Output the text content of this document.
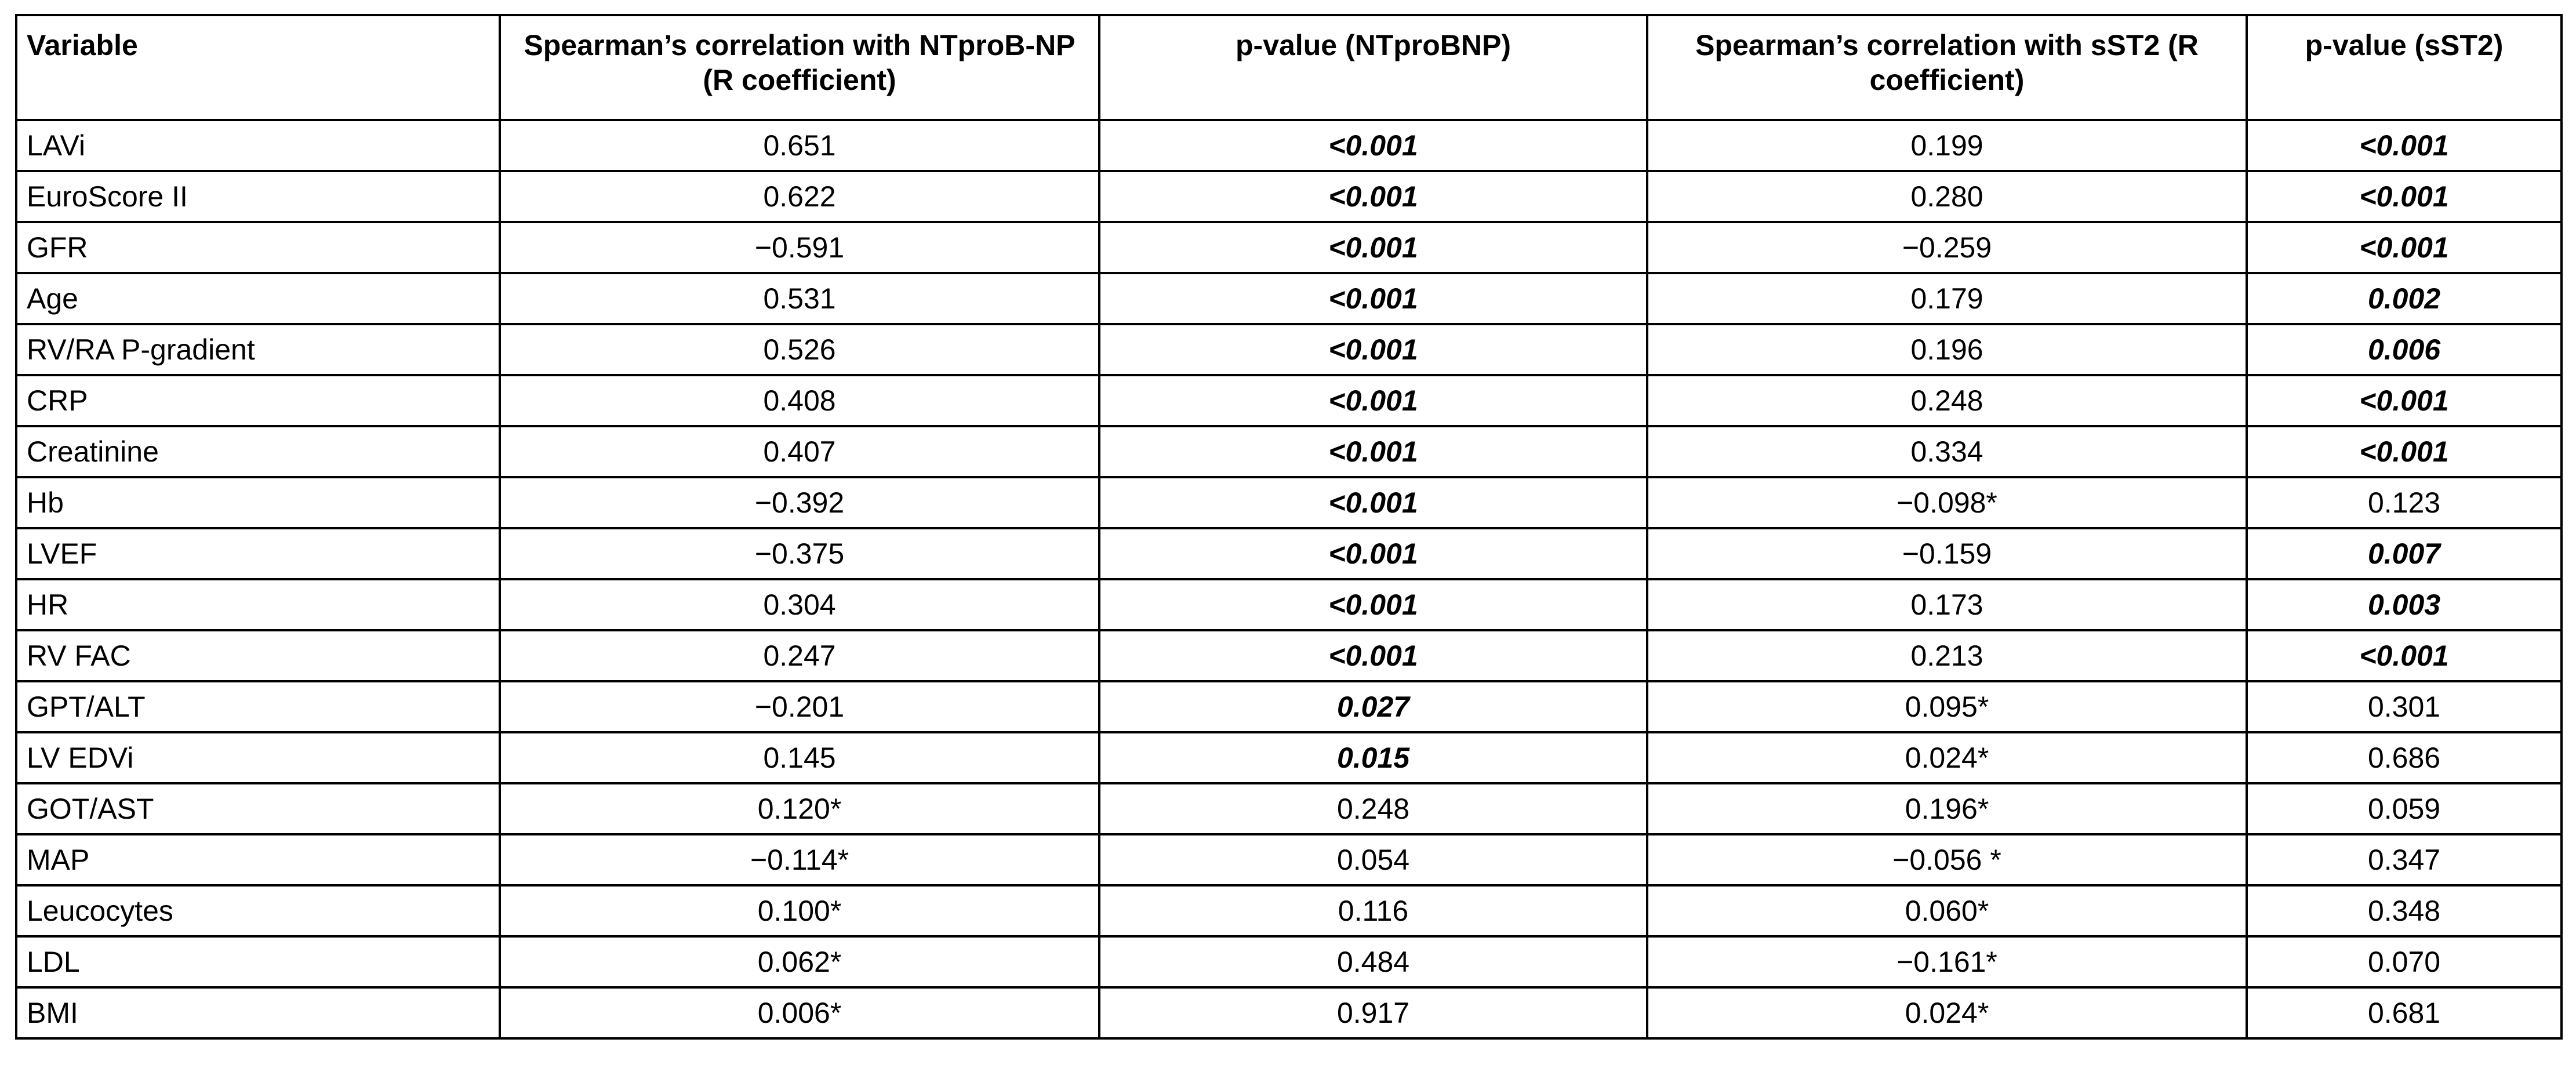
Variable	Spearman’s correlation with NTproB-NP (R coefficient)	p-value (NTproBNP)	Spearman’s correlation with sST2 (R coefficient)	p-value (sST2)
LAVi	0.651	<0.001	0.199	<0.001
EuroScore II	0.622	<0.001	0.280	<0.001
GFR	−0.591	<0.001	−0.259	<0.001
Age	0.531	<0.001	0.179	0.002
RV/RA P-gradient	0.526	<0.001	0.196	0.006
CRP	0.408	<0.001	0.248	<0.001
Creatinine	0.407	<0.001	0.334	<0.001
Hb	−0.392	<0.001	−0.098*	0.123
LVEF	−0.375	<0.001	−0.159	0.007
HR	0.304	<0.001	0.173	0.003
RV FAC	0.247	<0.001	0.213	<0.001
GPT/ALT	−0.201	0.027	0.095*	0.301
LV EDVi	0.145	0.015	0.024*	0.686
GOT/AST	0.120*	0.248	0.196*	0.059
MAP	−0.114*	0.054	−0.056 *	0.347
Leucocytes	0.100*	0.116	0.060*	0.348
LDL	0.062*	0.484	−0.161*	0.070
BMI	0.006*	0.917	0.024*	0.681
